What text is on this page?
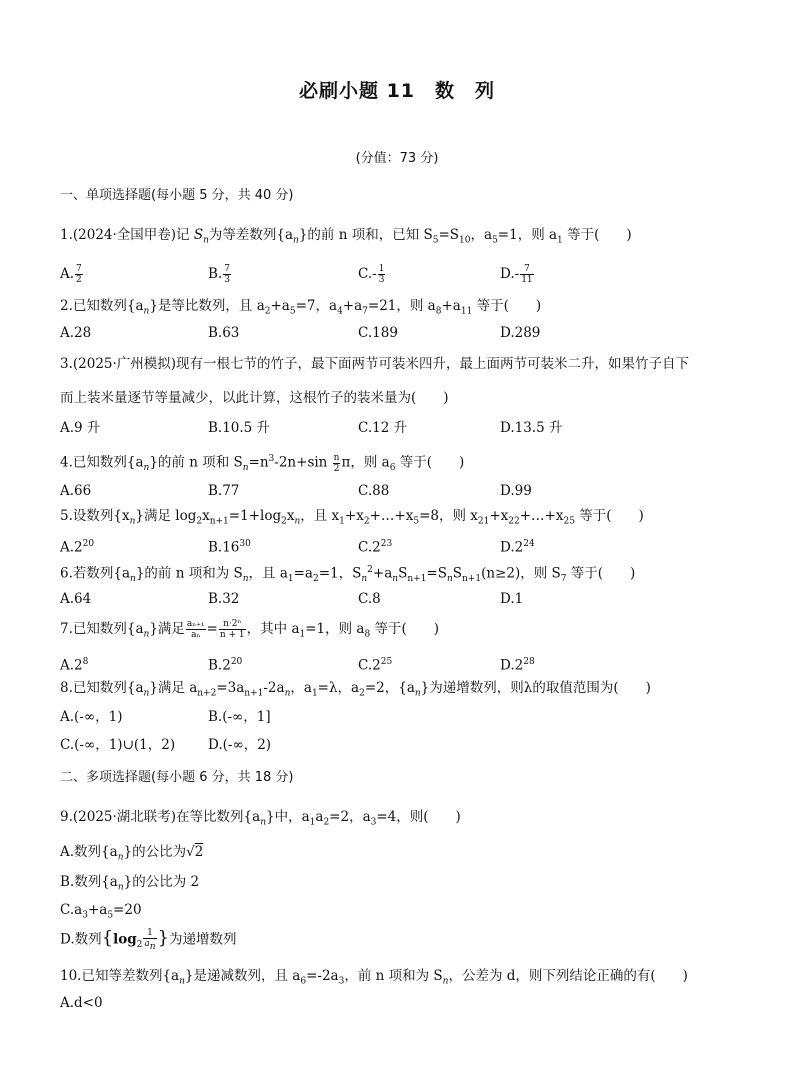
必刷小题 11　数　列
(分值：73 分)
一、单项选择题(每小题 5 分，共 40 分)
1.(2024·全国甲卷)记 $S_n$为等差数列$\{a_n\}$的前 n 项和，已知 $S_5=S_{10}$，$a_5=1$，则 $a_1$ 等于(　　)
A. $\frac{7}{2}$	B. $\frac{7}{3}$	$C.- \frac{1}{3}$	$D.- \frac{7}{11}$
2.已知数列$\{a_n\}$是等比数列，且 $a_2+a_5=7$，$a_4+a_7=21$，则 $a_8+a_{11}$ 等于(　　)
A.28	B.63	C.189	D.289
3.(2025·广州模拟)现有一根七节的竹子，最下面两节可装米四升，最上面两节可装米二升，如果竹子自下
而上装米量逐节等量减少，以此计算，这根竹子的装米量为(　　)
A.9 升	B.10.5 升	C.12 升	D.13.5 升
4.已知数列$\{a_n\}$的前 n 项和 $S_n=n^3-2n+\sin \frac{n}{2}$ π，则 $a_6$ 等于(　　)
A.66	B.77	C.88	D.99
5.设数列$\{x_n\}$满足 $\log_2x_{n+1}=1+\log_2x_n$，且 $x_1+x_2+\dots+x_5=8$，则 $x_{21}+x_{22}+\dots+x_{25}$ 等于(　　)
$A.2^{20}$	$B.16^{30}$	$C.2^{23}$	$D.2^{24}$
6.若数列$\{a_n\}$的前 n 项和为 $S_n$，且 $a_1=a_2=1$，$S_n^2+a_nS_{n+1}=S_nS_{n+1}(n\ge 2)$，则 $S_7$ 等于(　　)
A.64	B.32	C.8	D.1
7.已知数列$\{a_n\}$满足 $\frac{\text{aₙ₊₁}}{\text{aₙ}} = \frac{\text{n·2ⁿ}}{n + 1}$ ，其中 $a_1=1$，则 $a_8$ 等于(　　)
$A.2^8$	$B.2^{20}$	$C.2^{25}$	$D.2^{28}$
8.已知数列$\{a_n\}$满足 $a_{n+2}=3a_{n+1}-2a_n$，$a_1=\lambda$，$a_2=2$，$\{a_n\}$为递增数列，则λ的取值范围为(　　)
A.(-∞，1)	B.(-∞，1]
C.(-∞，1)∪(1，2) D.(-∞，2)
二、多项选择题(每小题 6 分，共 18 分)
9.(2025·湖北联考)在等比数列$\{a_n\}$中，$a_1a_2=2$，$a_3=4$，则(　　)
A.数列$\{a_n\}$的公比为√2
B.数列$\{a_n\}$的公比为 2
$C.a_3+a_5=20$
D.数列{$\log_2 \frac{1}{a_n}$ }为递增数列
10.已知等差数列$\{a_n\}$是递减数列，且 $a_6=-2a_3$，前 n 项和为 $S_n$，公差为 d，则下列结论正确的有(　　)
A.d<0
